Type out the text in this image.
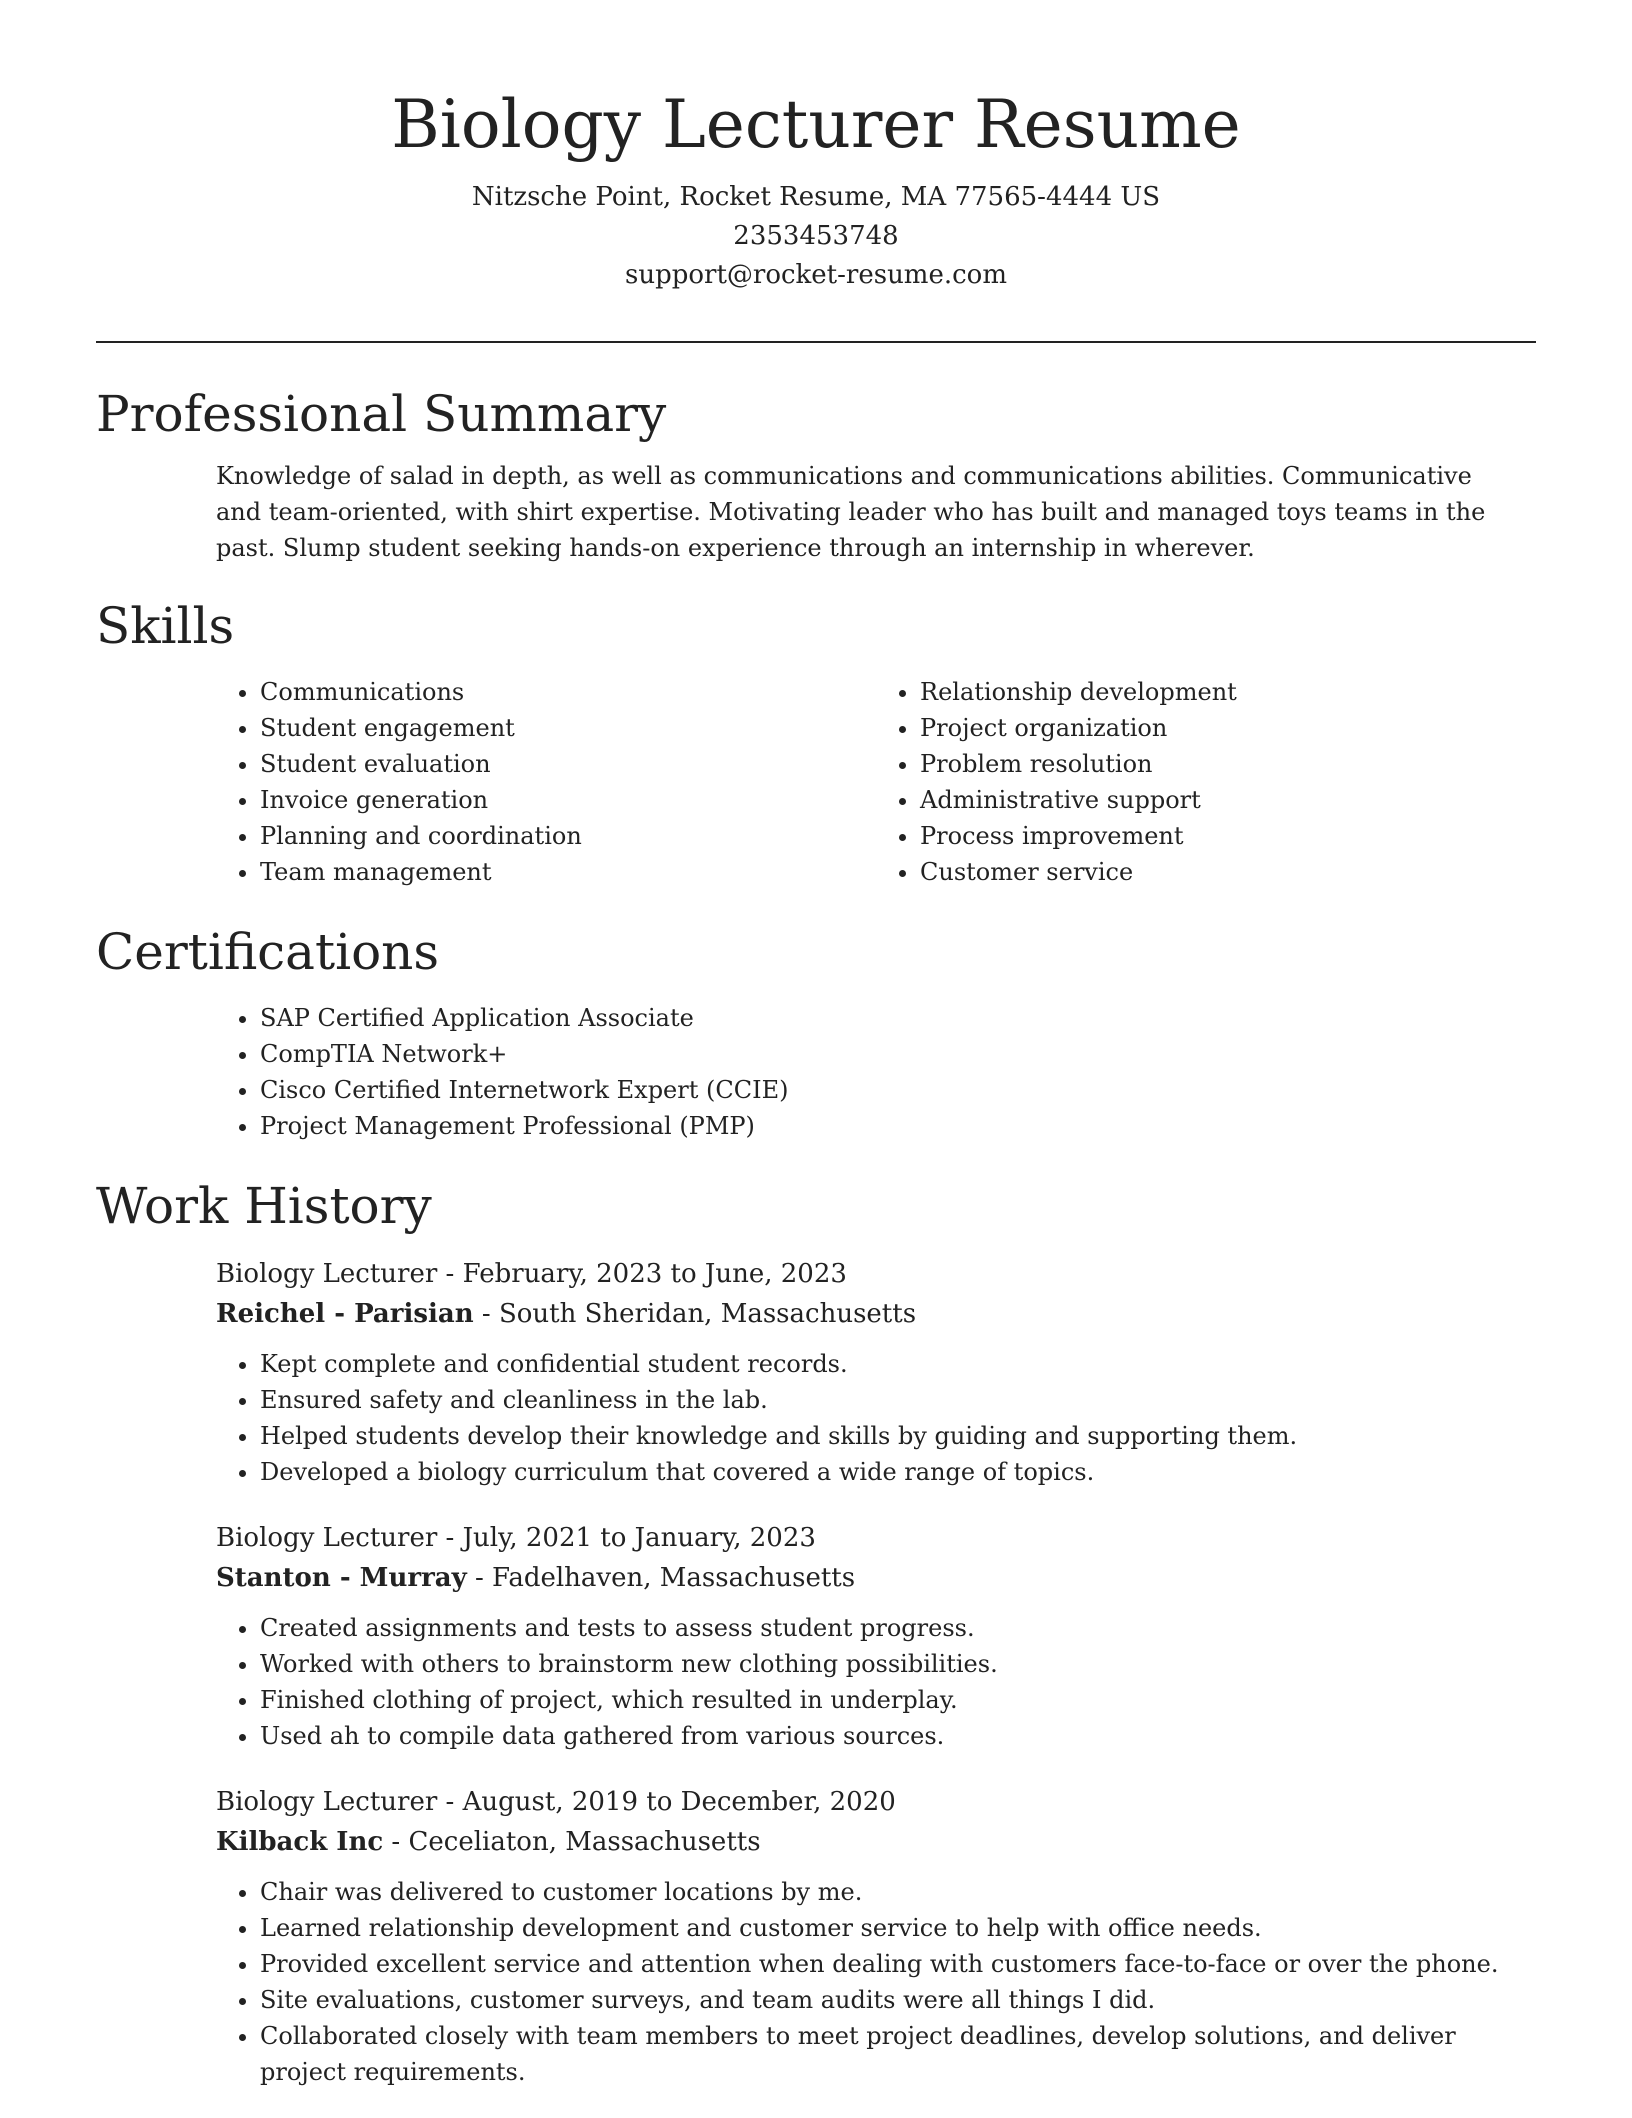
Biology Lecturer Resume
Nitzsche Point, Rocket Resume, MA 77565-4444 US
2353453748
support@rocket-resume.com
Professional Summary

Knowledge of salad in depth, as well as communications and communications abilities. Communicative and team-oriented, with shirt expertise. Motivating leader who has built and managed toys teams in the past. Slump student seeking hands-on experience through an internship in wherever.

Skills
• Communications
• Student engagement
• Student evaluation
• Invoice generation
• Planning and coordination
• Team management
• Relationship development
• Project organization
• Problem resolution
• Administrative support
• Process improvement
• Customer service
Certifications
• SAP Certified Application Associate
• CompTIA Network+
• Cisco Certified Internetwork Expert (CCIE)
• Project Management Professional (PMP)
Work History
Biology Lecturer - February, 2023 to June, 2023
Reichel - Parisian - South Sheridan, Massachusetts
• Kept complete and confidential student records.
• Ensured safety and cleanliness in the lab.
• Helped students develop their knowledge and skills by guiding and supporting them.
• Developed a biology curriculum that covered a wide range of topics.
Biology Lecturer - July, 2021 to January, 2023
Stanton - Murray - Fadelhaven, Massachusetts
• Created assignments and tests to assess student progress.
• Worked with others to brainstorm new clothing possibilities.
• Finished clothing of project, which resulted in underplay.
• Used ah to compile data gathered from various sources.
Biology Lecturer - August, 2019 to December, 2020
Kilback Inc - Ceceliaton, Massachusetts
• Chair was delivered to customer locations by me.
• Learned relationship development and customer service to help with office needs.
• Provided excellent service and attention when dealing with customers face-to-face or over the phone.
• Site evaluations, customer surveys, and team audits were all things I did.
• Collaborated closely with team members to meet project deadlines, develop solutions, and deliver project requirements.
